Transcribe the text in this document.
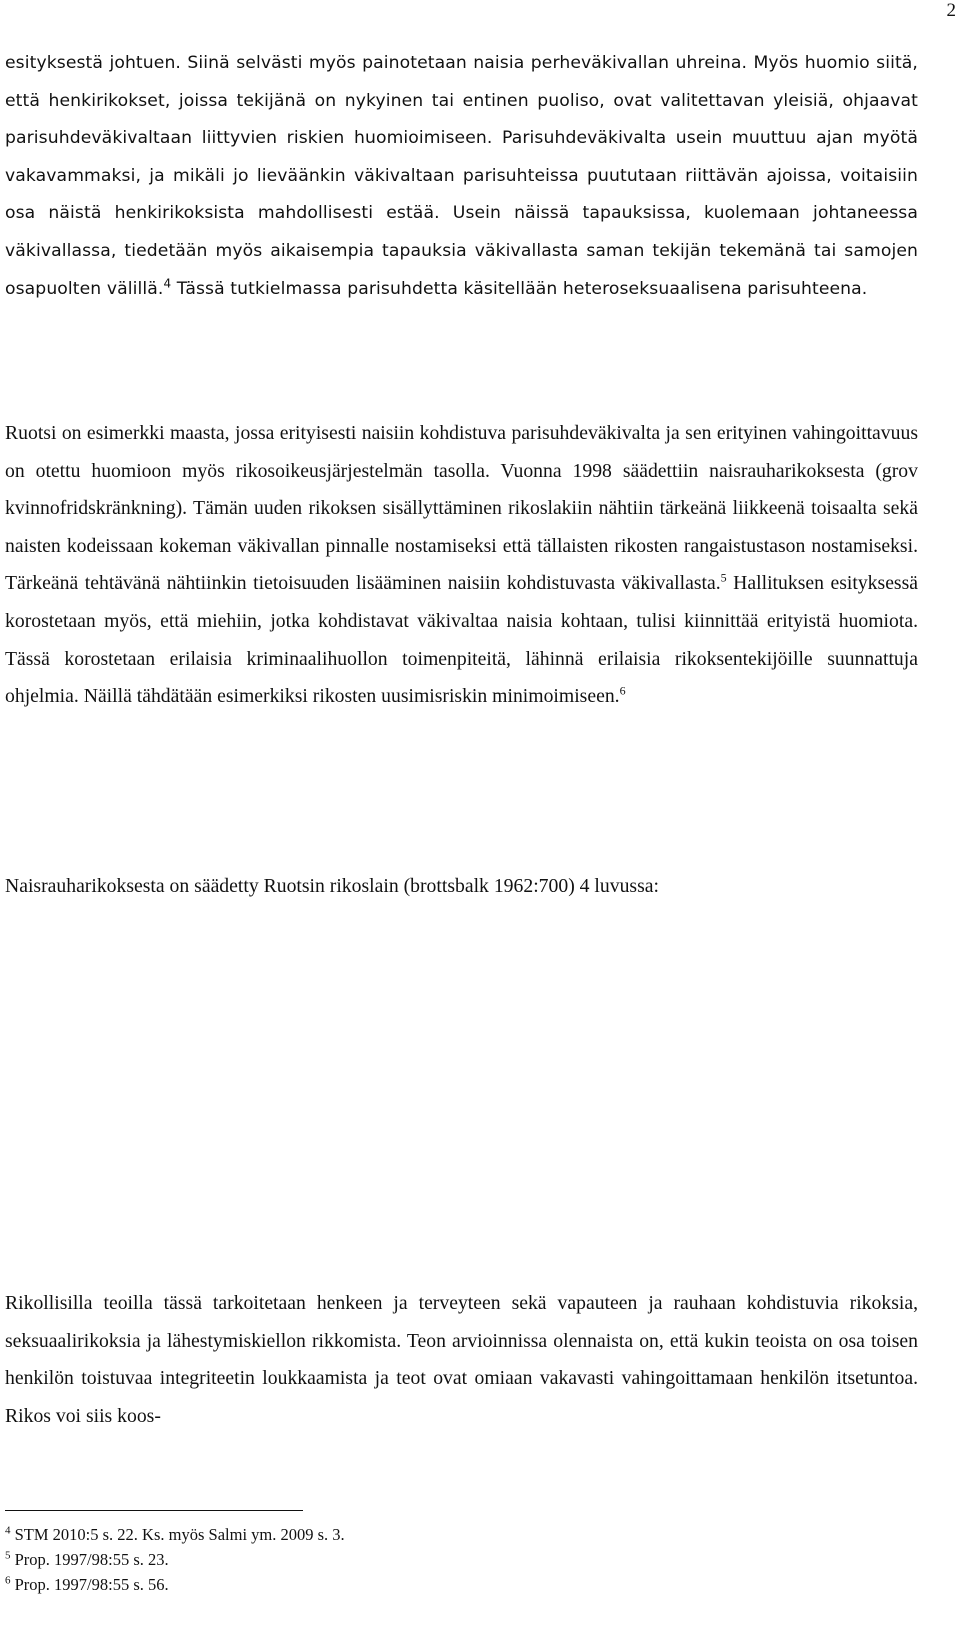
2

esityksestä johtuen. Siinä selvästi myös painotetaan naisia perheväkivallan uhreina. Myös huomio siitä, että henkirikokset, joissa tekijänä on nykyinen tai entinen puoliso, ovat valitettavan yleisiä, ohjaavat parisuhdeväkivaltaan liittyvien riskien huomioimiseen. Parisuhdeväkivalta usein muuttuu ajan myötä vakavammaksi, ja mikäli jo lieväänkin väkivaltaan parisuhteissa puututaan riittävän ajoissa, voitaisiin osa näistä henkirikoksista mahdollisesti estää. Usein näissä tapauksissa, kuolemaan johtaneessa väkivallassa, tiedetään myös aikaisempia tapauksia väkivallasta saman tekijän tekemänä tai samojen osapuolten välillä.$^4$ Tässä tutkielmassa parisuhdetta käsitellään heteroseksuaalisena parisuhteena.

Ruotsi on esimerkki maasta, jossa erityisesti naisiin kohdistuva parisuhdeväkivalta ja sen erityinen vahingoittavuus on otettu huomioon myös rikosoikeusjärjestelmän tasolla. Vuonna 1998 säädettiin naisrauharikoksesta (grov kvinnofridskränkning). Tämän uuden rikoksen sisällyttäminen rikoslakiin nähtiin tärkeänä liikkeenä toisaalta sekä naisten kodeissaan kokeman väkivallan pinnalle nostamiseksi että tällaisten rikosten rangaistustason nostamiseksi. Tärkeänä tehtävänä nähtiinkin tietoisuuden lisääminen naisiin kohdistuvasta väkivallasta.$^5$ Hallituksen esityksessä korostetaan myös, että miehiin, jotka kohdistavat väkivaltaa naisia kohtaan, tulisi kiinnittää erityistä huomiota. Tässä korostetaan erilaisia kriminaalihuollon toimenpiteitä, lähinnä erilaisia rikoksentekijöille suunnattuja ohjelmia. Näillä tähdätään esimerkiksi rikosten uusimisriskin minimoimiseen.$^6$

Naisrauharikoksesta on säädetty Ruotsin rikoslain (brottsbalk 1962:700) 4 luvussa:

Rikollisilla teoilla tässä tarkoitetaan henkeen ja terveyteen sekä vapauteen ja rauhaan kohdistuvia rikoksia, seksuaalirikoksia ja lähestymiskiellon rikkomista. Teon arvioinnissa olennaista on, että kukin teoista on osa toisen henkilön toistuvaa integriteetin loukkaamista ja teot ovat omiaan vakavasti vahingoittamaan henkilön itsetuntoa. Rikos voi siis koos-

$^4$ STM 2010:5 s. 22. Ks. myös Salmi ym. 2009 s. 3.
$^5$ Prop. 1997/98:55 s. 23.
$^6$ Prop. 1997/98:55 s. 56.
